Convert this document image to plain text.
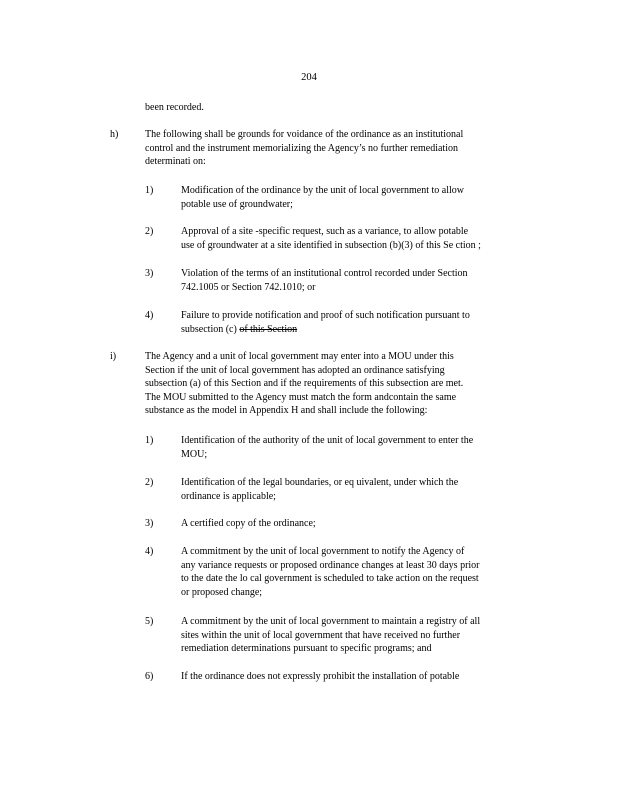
204
been recorded.
h)	The following shall be grounds for voidance of the ordinance as an institutional
control and the instrument memorializing the Agency’s no further remediation
determinati on:
1)	Modification of the ordinance by the unit of local government to allow
potable use of groundwater;
2)	Approval of a site -specific request, such as a variance, to allow potable
use of groundwater at a site identified in subsection (b)(3) of this Se ction ;
3)	Violation of the terms of an institutional control recorded under Section
742.1005 or Section 742.1010; or
4)	Failure to provide notification and proof of such notification pursuant to
subsection (c) of this Section
i)	The Agency and a unit of local government may enter into a MOU under this
Section if the unit of local government has adopted an ordinance satisfying
subsection (a) of this Section and if the requirements of this subsection are met.
The MOU submitted to the Agency must match the form andcontain the same
substance as the model in Appendix H and shall include the following:
1)	Identification of the authority of the unit of local government to enter the
MOU;
2)	Identification of the legal boundaries, or eq uivalent, under which the
ordinance is applicable;
3)	A certified copy of the ordinance;
4)	A commitment by the unit of local government to notify the Agency of
any variance requests or proposed ordinance changes at least 30 days prior
to the date the lo cal government is scheduled to take action on the request
or proposed change;
5)	A commitment by the unit of local government to maintain a registry of all
sites within the unit of local government that have received no further
remediation determinations pursuant to specific programs; and
6)	If the ordinance does not expressly prohibit the installation of potable
